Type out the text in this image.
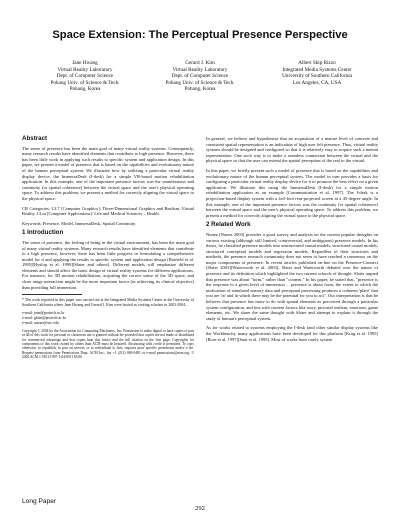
Space Extension: The Perceptual Presence Perspective
Jane Hwang
Virtual Reality Laboratory
Dept. of Computer Science
Pohang Univ. of Science & Tech.
Pohang, Korea
Gerard J. Kim
Virtual Reality Laboratory
Dept. of Computer Science
Pohang Univ. of Science & Tech.
Pohang, Korea
Albert Skip Rizzo
Integrated Media Systems Center
University of Southern California
Los Angeles, CA, USA
Abstract

The sense of presence has been the main goal of many virtual reality systems. Consequently, many research results have identified elements that contribute to high presence. However, there has been little work in applying such results to specific system and application design. In this paper, we present a model of presence that is based on the capabilities and evolutionary nature of the human perceptual system. We illustrate how by utilizing a particular virtual reality display device, the ImmersaDesk (I-desk) for a simple VR-based motion rehabilitation application. In this example, one of the important presence factors was the seamlessness and continuity (or spatial coherence) between the virtual space and the user's physical operating space. To address this problem, we present a method for correctly aligning the virtual space to the physical space.

CR Categories: I.3.7 [Computer Graphics]: Three-Dimensional Graphics and Realism–Virtual Reality J.3.m [Computer Applications]: Life and Medical Sciences – Health.

Keywords: Presence, Model, ImmersaDesk, Spatial Continuity.

1 Introduction

The sense of presence, the feeling of being in the virtual environment, has been the main goal of many virtual reality systems. Many research results have identified elements that contribute to a high presence, however, there has been little progress in formulating a comprehensive model for it and applying the results to specific system and application design [Barfield et al. 1995][Hyslop et al. 1999][Slater and others]. Different models will emphasize different elements and should affect the basic design of virtual reality systems for different applications. For instance, for 3D motion rehabilitation, acquiring the correct sense of the 3D space, and close range interaction might be the more important factor (in achieving its clinical objective) than providing full immersion.

* The work reported in this paper was carried out at the Integrated Media Systems Center at the University of Southern California where Jane Hwang and Gerard J. Kim were hosted as visiting scholars in 2003-2004.

e-mail: jane@postech.ac.kr
e-mail: gkim@postech.ac.kr
e-mail: arizzo@usc.edu

Copyright © 2004 by the Association for Computing Machinery, Inc. Permission to make digital or hard copies of part or all of this work for personal or classroom use is granted without fee provided that copies are not made or distributed for commercial advantage and that copies bear this notice and the full citation on the first page. Copyrights for components of this work owned by others than ACM must be honored. Abstracting with credit is permitted. To copy otherwise, to republish, to post on servers, or to redistribute to lists, requires prior specific permission and/or a fee. Request permissions from Permissions Dept, ACM Inc., fax +1 (212) 869-0481 or e-mail permissions@acm.org. © 2004 ACM 1-58113-907-1/04/0011 $5.00

In general, we believe and hypothesize that an acquisition of a mature level of concrete and consistent spatial representation is an indication of high user felt presence. Thus, virtual reality systems should be designed and configured so that it is relatively easy to acquire such a mental representation. One such way is to make a seamless connection between the virtual and the physical space so that the user can extend the spatial perception of the real to the virtual.

In this paper, we briefly present such a model of presence that is based on the capabilities and evolutionary nature of the human perceptual system. The model in turn provides a basis for configuring a particular virtual reality display device for it to promote the best effect on a given application. We illustrate this using the ImmersaDesk (I-desk) for a simple motion rehabilitation application as an example [Communication et al. 1997]. The I-desk is a projection-based display system with a 4x5-foot rear-projected screen at a 45-degree angle. In this example, one of the important presence factors was the continuity (or spatial coherence) between the virtual space and the user's physical operating space. To address this problem, we present a method for correctly aligning the virtual space to the physical space.

2 Related Work

Nunez [Nunez 2003] provides a good survey and analysis on the current popular thoughts on various existing (although still limited, controversial, and ambiguous) presence models. In his thesis, he classified presence models into unstructured causal models, structured causal models, structured conceptual models and regression models. Regardless of their structures and methods, the presence research community does not seem to have reached a consensus on the major components of presence. In recent articles published on-line on the Presence-Connect [Slater 2003][Waterworth et al. 2003], Slater and Waterworth debated over the nature of presence and its definition which highlighted the two current schools of thought. Slater argued that presence was about "form," rather than "content." In his paper, he stated that, "presence is the response to a given level of immersion ... presence is about form, the extent to which the unification of simulated sensory data and perceptual processing produces a coherent 'place' that you are 'in' and in which there may be the potential for you to act". Our interpretation is that he believes that presence has more to do with spatial elements as perceived through a particular system configuration, and less with content factors like story, pictorial realism, emotions, game elements, etc. We share the same thought with Slater and attempt to explain it through the study of human's perceptual system.

As for works related to systems employing the I-desk (and other similar display systems like the Workbench), many applications have been developed for this platform [Krug et al. 1995][Rose et al. 1997][Saar et al. 1995]. Most of works have rarely system

Long Paper
292
